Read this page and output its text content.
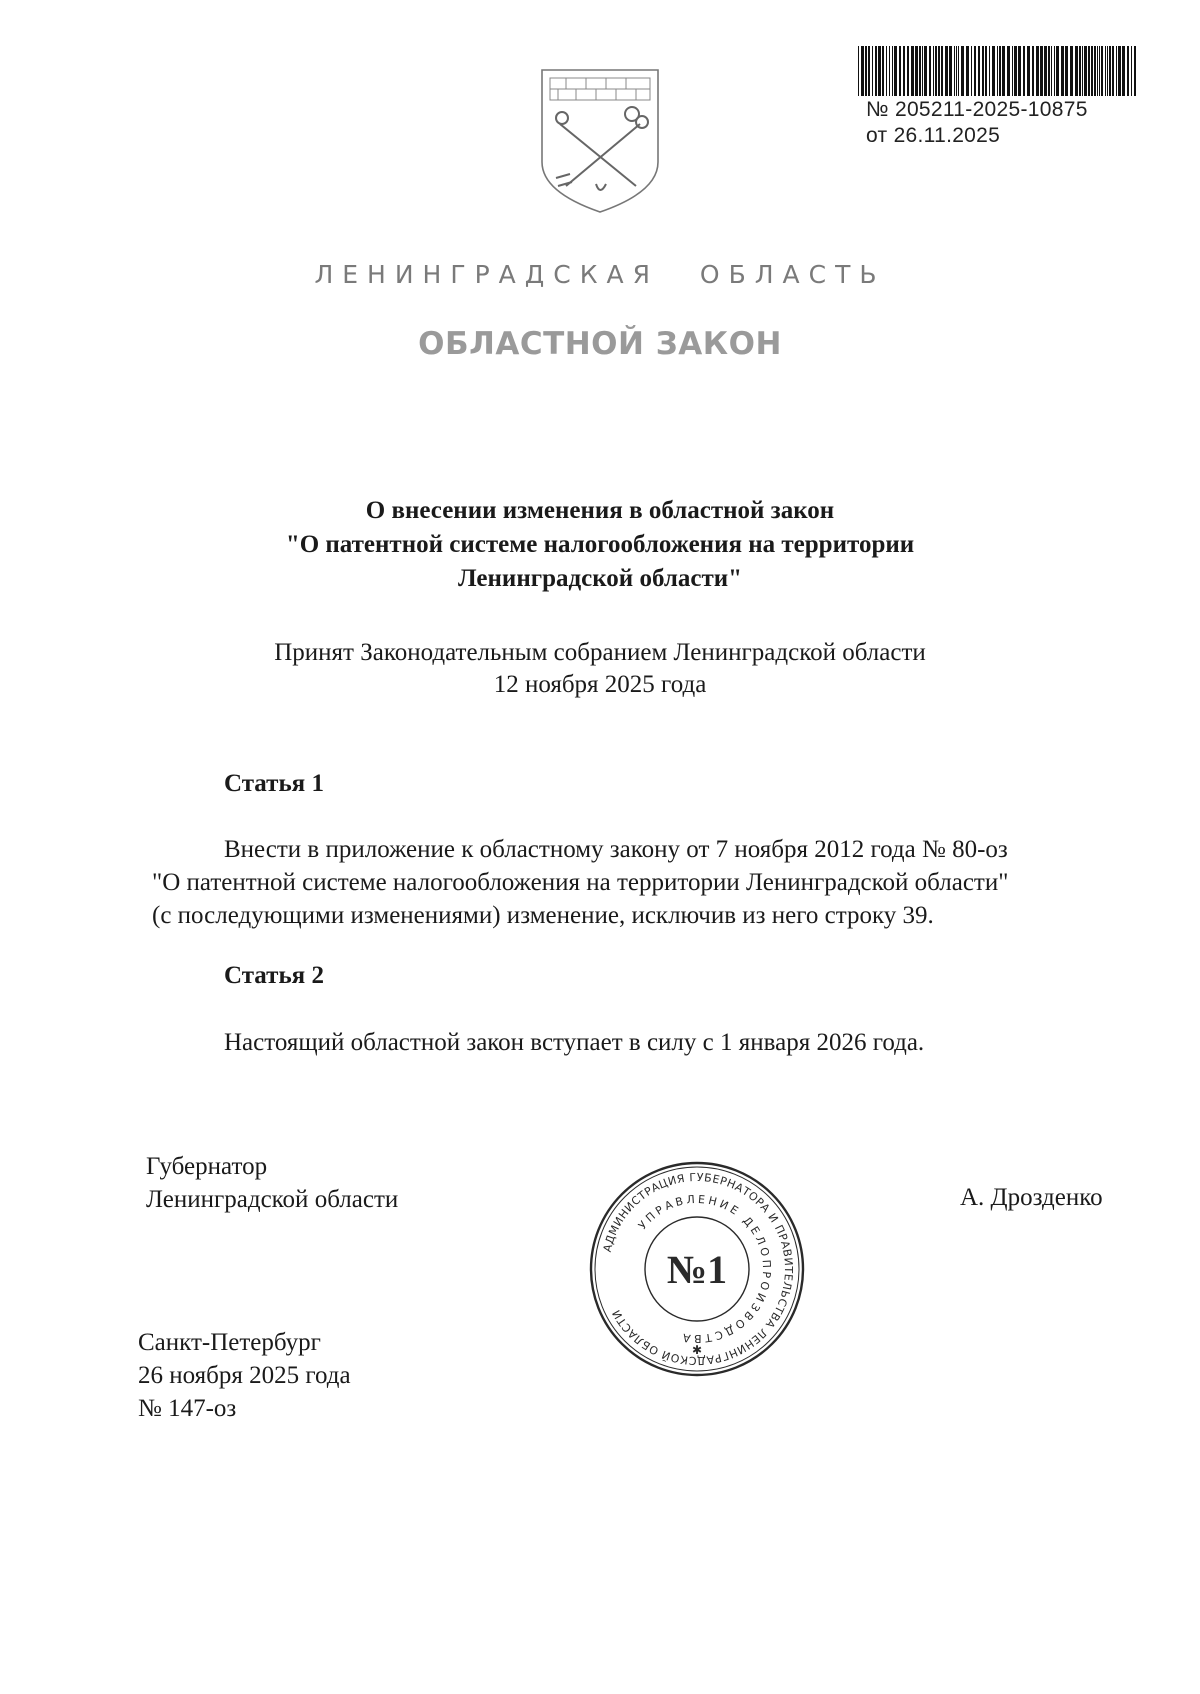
№ 205211-2025-10875
от 26.11.2025
ЛЕНИНГРАДСКАЯ ОБЛАСТЬ
ОБЛАСТНОЙ ЗАКОН
О внесении изменения в областной закон
"О патентной системе налогообложения на территории
Ленинградской области"
Принят Законодательным собранием Ленинградской области
12 ноября 2025 года
Статья 1
Внести в приложение к областному закону от 7 ноября 2012 года № 80-оз
"О патентной системе налогообложения на территории Ленинградской области"
(с последующими изменениями) изменение, исключив из него строку 39.
Статья 2
Настоящий областной закон вступает в силу с 1 января 2026 года.
Губернатор
Ленинградской области	А. Дрозденко
АДМИНИСТРАЦИЯ ГУБЕРНАТОРА И ПРАВИТЕЛЬСТВА ЛЕНИНГРАДСКОЙ ОБЛАСТИ
УПРАВЛЕНИЕ ДЕЛОПРОИЗВОДСТВА
№1
✱
Санкт-Петербург
26 ноября 2025 года
№ 147-оз
